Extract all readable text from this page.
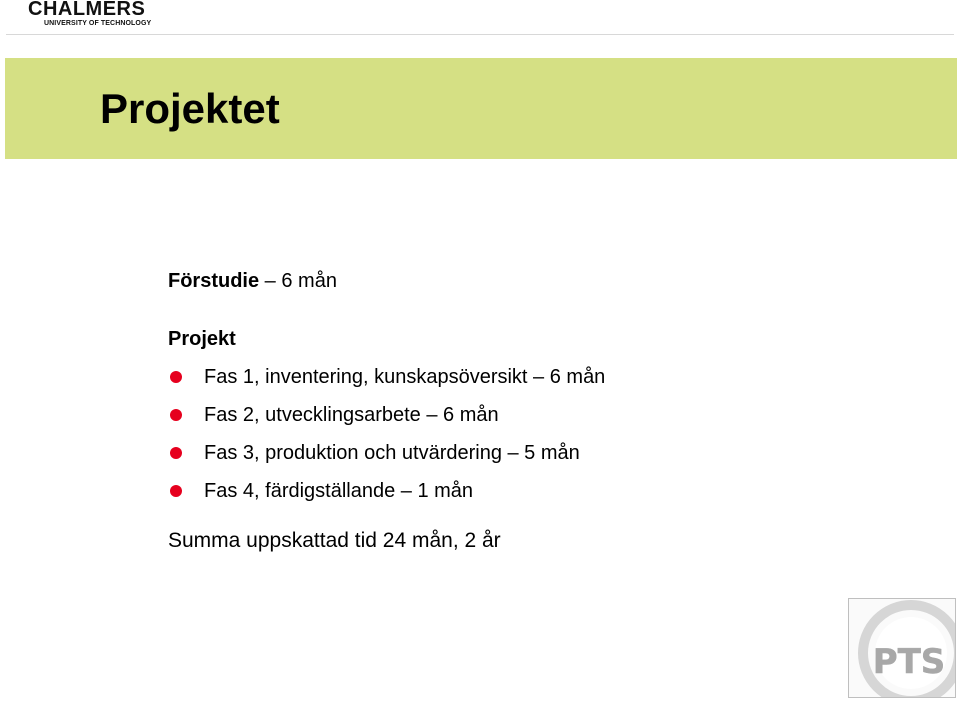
CHALMERS
UNIVERSITY OF TECHNOLOGY
Projektet
Förstudie – 6 mån
Projekt
Fas 1, inventering, kunskapsöversikt – 6 mån
Fas 2, utvecklingsarbete – 6 mån
Fas 3, produktion och utvärdering – 5 mån
Fas 4, färdigställande – 1 mån
Summa uppskattad tid 24 mån, 2 år
PTS
